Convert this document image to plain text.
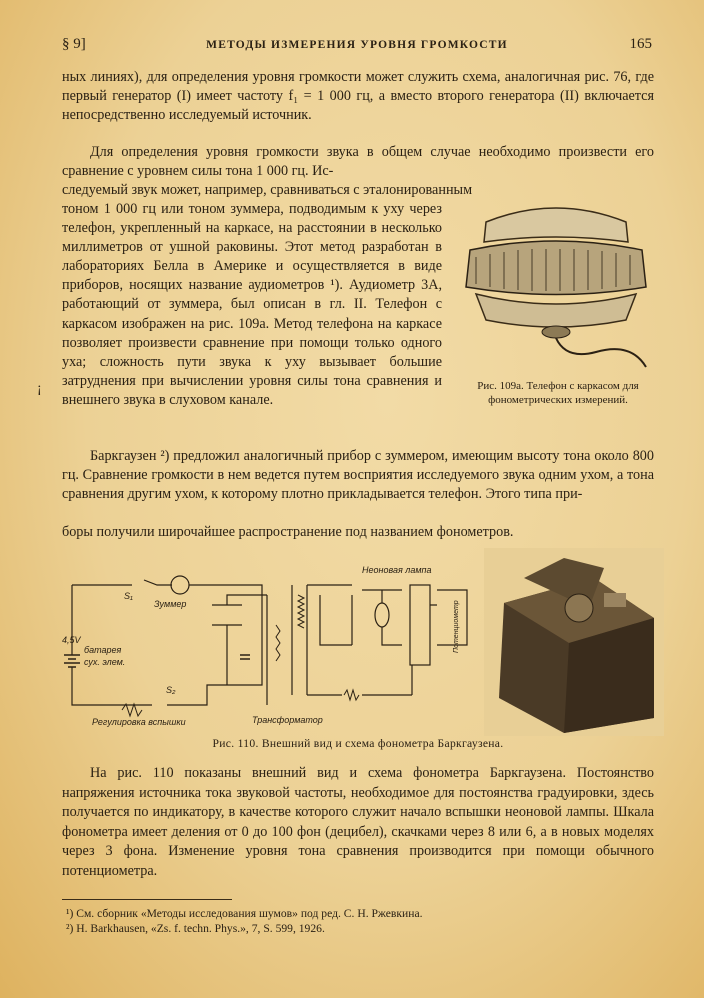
§ 9]	МЕТОДЫ ИЗМЕРЕНИЯ УРОВНЯ ГРОМКОСТИ	165
ных линиях), для определения уровня громкости может служить схема, аналогичная рис. 76, где первый генератор (I) имеет частоту f₁ = 1 000 гц, а вместо второго генератора (II) включается непосредственно исследуемый источник.
Для определения уровня громкости звука в общем случае необходимо произвести его сравнение с уровнем силы тона 1 000 гц. Ис-
следуемый звук может, например, сравниваться с эталонированным
тоном 1 000 гц или тоном зуммера, подводимым к уху через телефон, укрепленный на каркасе, на расстоянии в несколько миллиметров от ушной раковины. Этот метод разработан в лабораториях Белла в Америке и осуществляется в виде приборов, носящих название аудиометров ¹). Аудиометр 3А, работающий от зуммера, был описан в гл. II. Телефон с каркасом изображен на рис. 109а. Метод телефона на каркасе позволяет произвести сравнение при помощи только одного уха; сложность пути звука к уху вызывает большие затруднения при вычислении уровня силы тона сравнения и внешнего звука в слуховом канале.
Рис. 109а. Телефон с каркасом для фонометрических измерений.
¡
Баркгаузен ²) предложил аналогичный прибор с зуммером, имеющим высоту тона около 800 гц. Сравнение громкости в нем ведется путем восприятия исследуемого звука одним ухом, а тона сравнения другим ухом, к которому плотно прикладывается телефон. Этого типа при-
боры получили широчайшее распространение под названием фонометров.
S₁
Зуммер
4,5V
батарея
сух. элем.
S₂
Регулировка вспышки	Трансформатор
Неоновая лампа
Потенциометр
Рис. 110. Внешний вид и схема фонометра Баркгаузена.
На рис. 110 показаны внешний вид и схема фонометра Баркгаузена. Постоянство напряжения источника тока звуковой частоты, необходимое для постоянства градуировки, здесь получается по индикатору, в качестве которого служит начало вспышки неоновой лампы. Шкала фонометра имеет деления от 0 до 100 фон (децибел), скачками через 8 или 6, а в новых моделях через 3 фона. Изменение уровня тона сравнения производится при помощи обычного потенциометра.
¹) См. сборник «Методы исследования шумов» под ред. С. Н. Ржевкина.
²) H. Barkhausen, «Zs. f. techn. Phys.», 7, S. 599, 1926.
